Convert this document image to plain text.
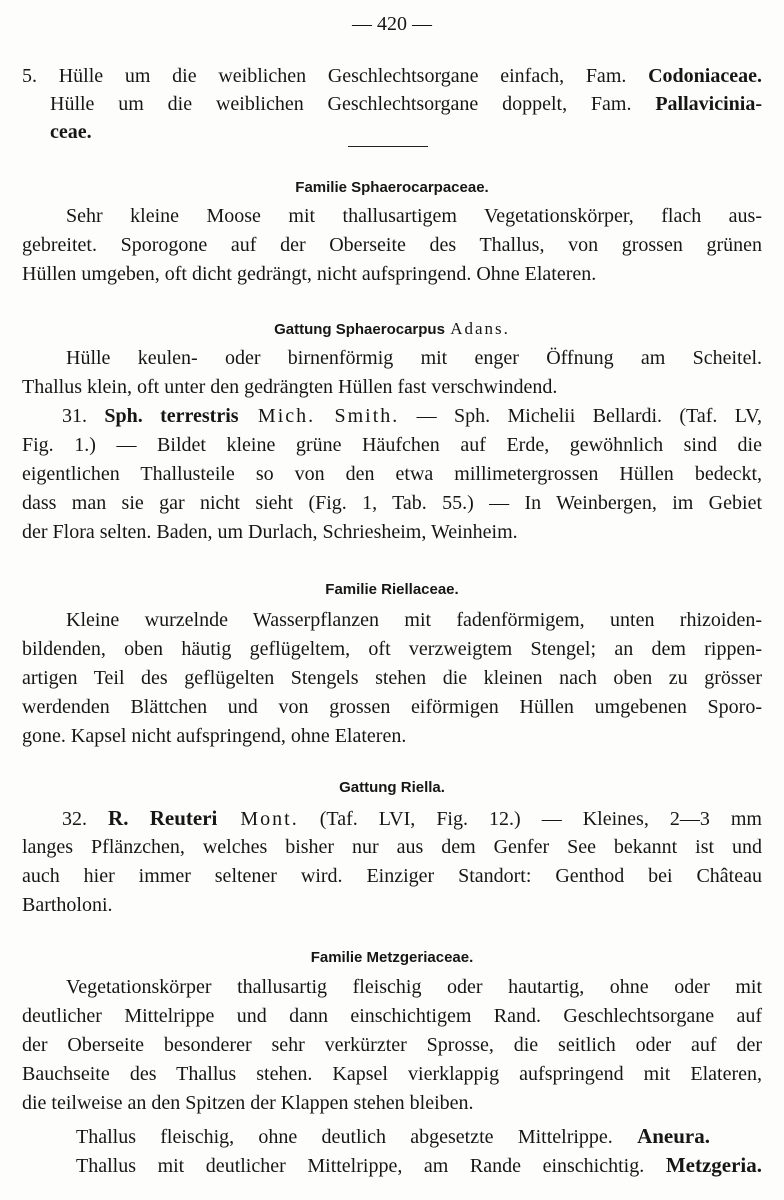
— 420 —
5. Hülle um die weiblichen Geschlechtsorgane einfach, Fam. Codoniaceae.
Hülle um die weiblichen Geschlechtsorgane doppelt, Fam. Pallavicinia-
ceae.
Familie Sphaerocarpaceae.
Sehr kleine Moose mit thallusartigem Vegetationskörper, flach aus-
gebreitet. Sporogone auf der Oberseite des Thallus, von grossen grünen
Hüllen umgeben, oft dicht gedrängt, nicht aufspringend. Ohne Elateren.
Gattung Sphaerocarpus Adans.
Hülle keulen- oder birnenförmig mit enger Öffnung am Scheitel.
Thallus klein, oft unter den gedrängten Hüllen fast verschwindend.
31. Sph. terrestris Mich. Smith. — Sph. Michelii Bellardi. (Taf. LV,
Fig. 1.) — Bildet kleine grüne Häufchen auf Erde, gewöhnlich sind die
eigentlichen Thallusteile so von den etwa millimetergrossen Hüllen bedeckt,
dass man sie gar nicht sieht (Fig. 1, Tab. 55.) — In Weinbergen, im Gebiet
der Flora selten. Baden, um Durlach, Schriesheim, Weinheim.
Familie Riellaceae.
Kleine wurzelnde Wasserpflanzen mit fadenförmigem, unten rhizoiden-
bildenden, oben häutig geflügeltem, oft verzweigtem Stengel; an dem rippen-
artigen Teil des geflügelten Stengels stehen die kleinen nach oben zu grösser
werdenden Blättchen und von grossen eiförmigen Hüllen umgebenen Sporo-
gone. Kapsel nicht aufspringend, ohne Elateren.
Gattung Riella.
32. R. Reuteri Mont. (Taf. LVI, Fig. 12.) — Kleines, 2—3 mm
langes Pflänzchen, welches bisher nur aus dem Genfer See bekannt ist und
auch hier immer seltener wird. Einziger Standort: Genthod bei Château
Bartholoni.
Familie Metzgeriaceae.
Vegetationskörper thallusartig fleischig oder hautartig, ohne oder mit
deutlicher Mittelrippe und dann einschichtigem Rand. Geschlechtsorgane auf
der Oberseite besonderer sehr verkürzter Sprosse, die seitlich oder auf der
Bauchseite des Thallus stehen. Kapsel vierklappig aufspringend mit Elateren,
die teilweise an den Spitzen der Klappen stehen bleiben.
Thallus fleischig, ohne deutlich abgesetzte Mittelrippe. Aneura.
Thallus mit deutlicher Mittelrippe, am Rande einschichtig. Metzgeria.
